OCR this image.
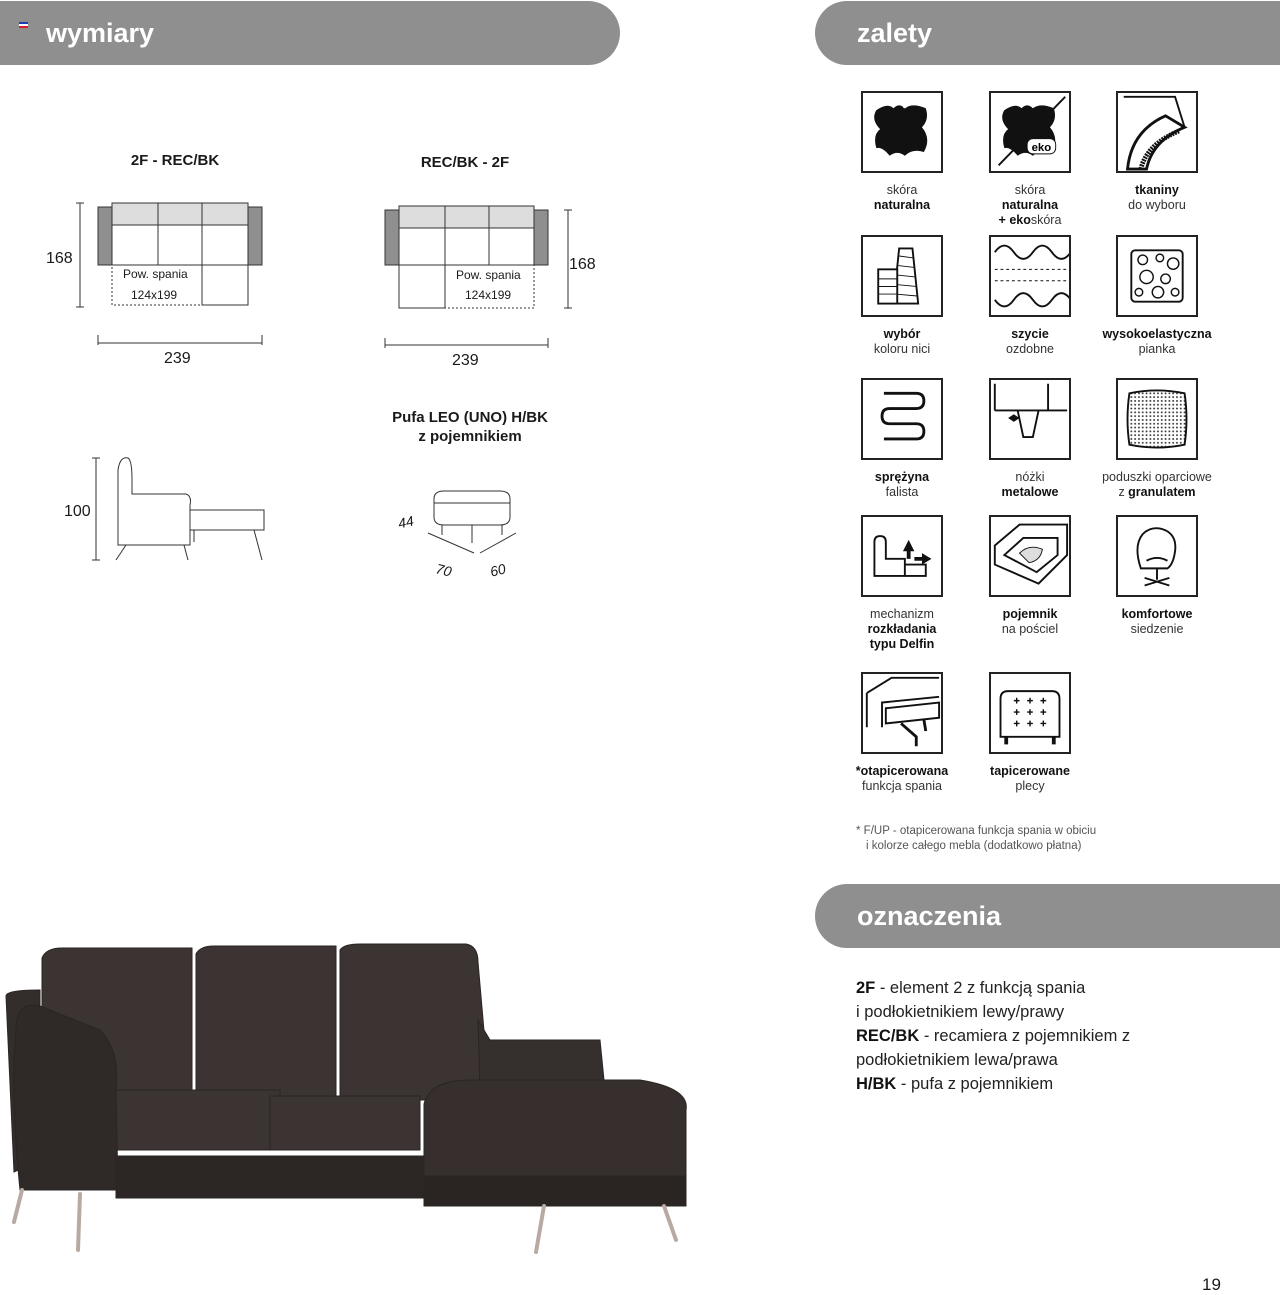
wymiary	zalety
oznaczenia
2F - REC/BK
168
Pow. spania
124x199
239
REC/BK - 2F
168
Pow. spania
124x199
239
100
Pufa LEO (UNO) H/BK
z pojemnikiem
44
70	60
skóra
naturalna
eko
skóra
naturalna
+ ekoskóra
tkaniny
do wyboru
wybór
koloru nici
szycie
ozdobne
wysokoelastyczna
pianka
sprężyna
falista
nóżki
metalowe
poduszki oparciowe
z granulatem
mechanizm
rozkładania
typu Delfin
pojemnik
na pościel
komfortowe
siedzenie
*otapicerowana
funkcja spania
tapicerowane
plecy
* F/UP - otapicerowana funkcja spania w obiciu
i kolorze całego mebla (dodatkowo płatna)
2F - element 2 z funkcją spania
i podłokietnikiem lewy/prawy
REC/BK - recamiera z pojemnikiem z
podłokietnikiem lewa/prawa
H/BK - pufa z pojemnikiem
19
